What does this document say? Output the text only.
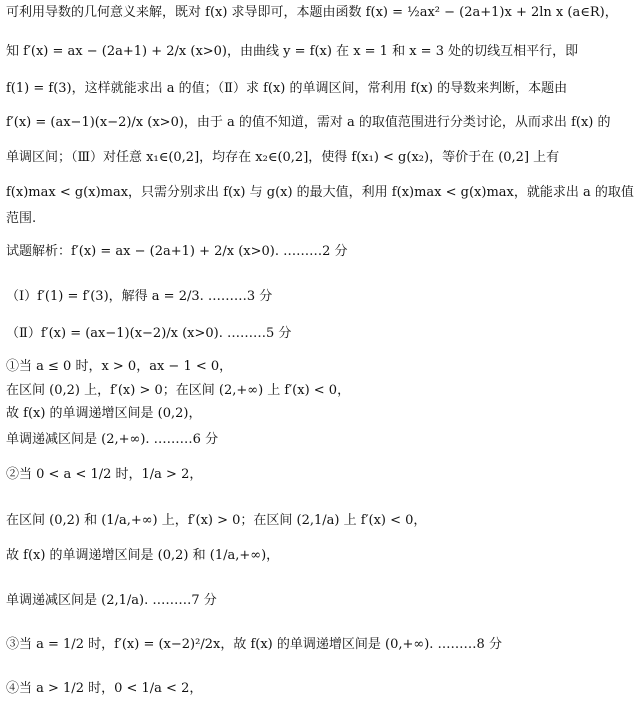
可利用导数的几何意义来解，既对 f(x) 求导即可，本题由函数 f(x) = ½ax² − (2a+1)x + 2ln x (a∈R)，
知 f′(x) = ax − (2a+1) + 2/x (x>0)，由曲线 y = f(x) 在 x = 1 和 x = 3 处的切线互相平行，即
f(1) = f(3)，这样就能求出 a 的值；（Ⅱ）求 f(x) 的单调区间，常利用 f(x) 的导数来判断，本题由
f′(x) = (ax−1)(x−2)/x (x>0)，由于 a 的值不知道，需对 a 的取值范围进行分类讨论，从而求出 f(x) 的
单调区间；（Ⅲ）对任意 x₁∈(0,2]，均存在 x₂∈(0,2]，使得 f(x₁) < g(x₂)，等价于在 (0,2] 上有
f(x)max < g(x)max，只需分别求出 f(x) 与 g(x) 的最大值，利用 f(x)max < g(x)max，就能求出 a 的取值
范围.
试题解析：f′(x) = ax − (2a+1) + 2/x (x>0). ………2 分
（Ⅰ）f′(1) = f′(3)，解得 a = 2/3. ………3 分
（Ⅱ）f′(x) = (ax−1)(x−2)/x (x>0). ………5 分
①当 a ≤ 0 时，x > 0，ax − 1 < 0，
在区间 (0,2) 上，f′(x) > 0；在区间 (2,+∞) 上 f′(x) < 0，
故 f(x) 的单调递增区间是 (0,2)，
单调递减区间是 (2,+∞). ………6 分
②当 0 < a < 1/2 时，1/a > 2，
在区间 (0,2) 和 (1/a,+∞) 上，f′(x) > 0；在区间 (2,1/a) 上 f′(x) < 0，
故 f(x) 的单调递增区间是 (0,2) 和 (1/a,+∞)，
单调递减区间是 (2,1/a). ………7 分
③当 a = 1/2 时，f′(x) = (x−2)²/2x，故 f(x) 的单调递增区间是 (0,+∞). ………8 分
④当 a > 1/2 时，0 < 1/a < 2，
